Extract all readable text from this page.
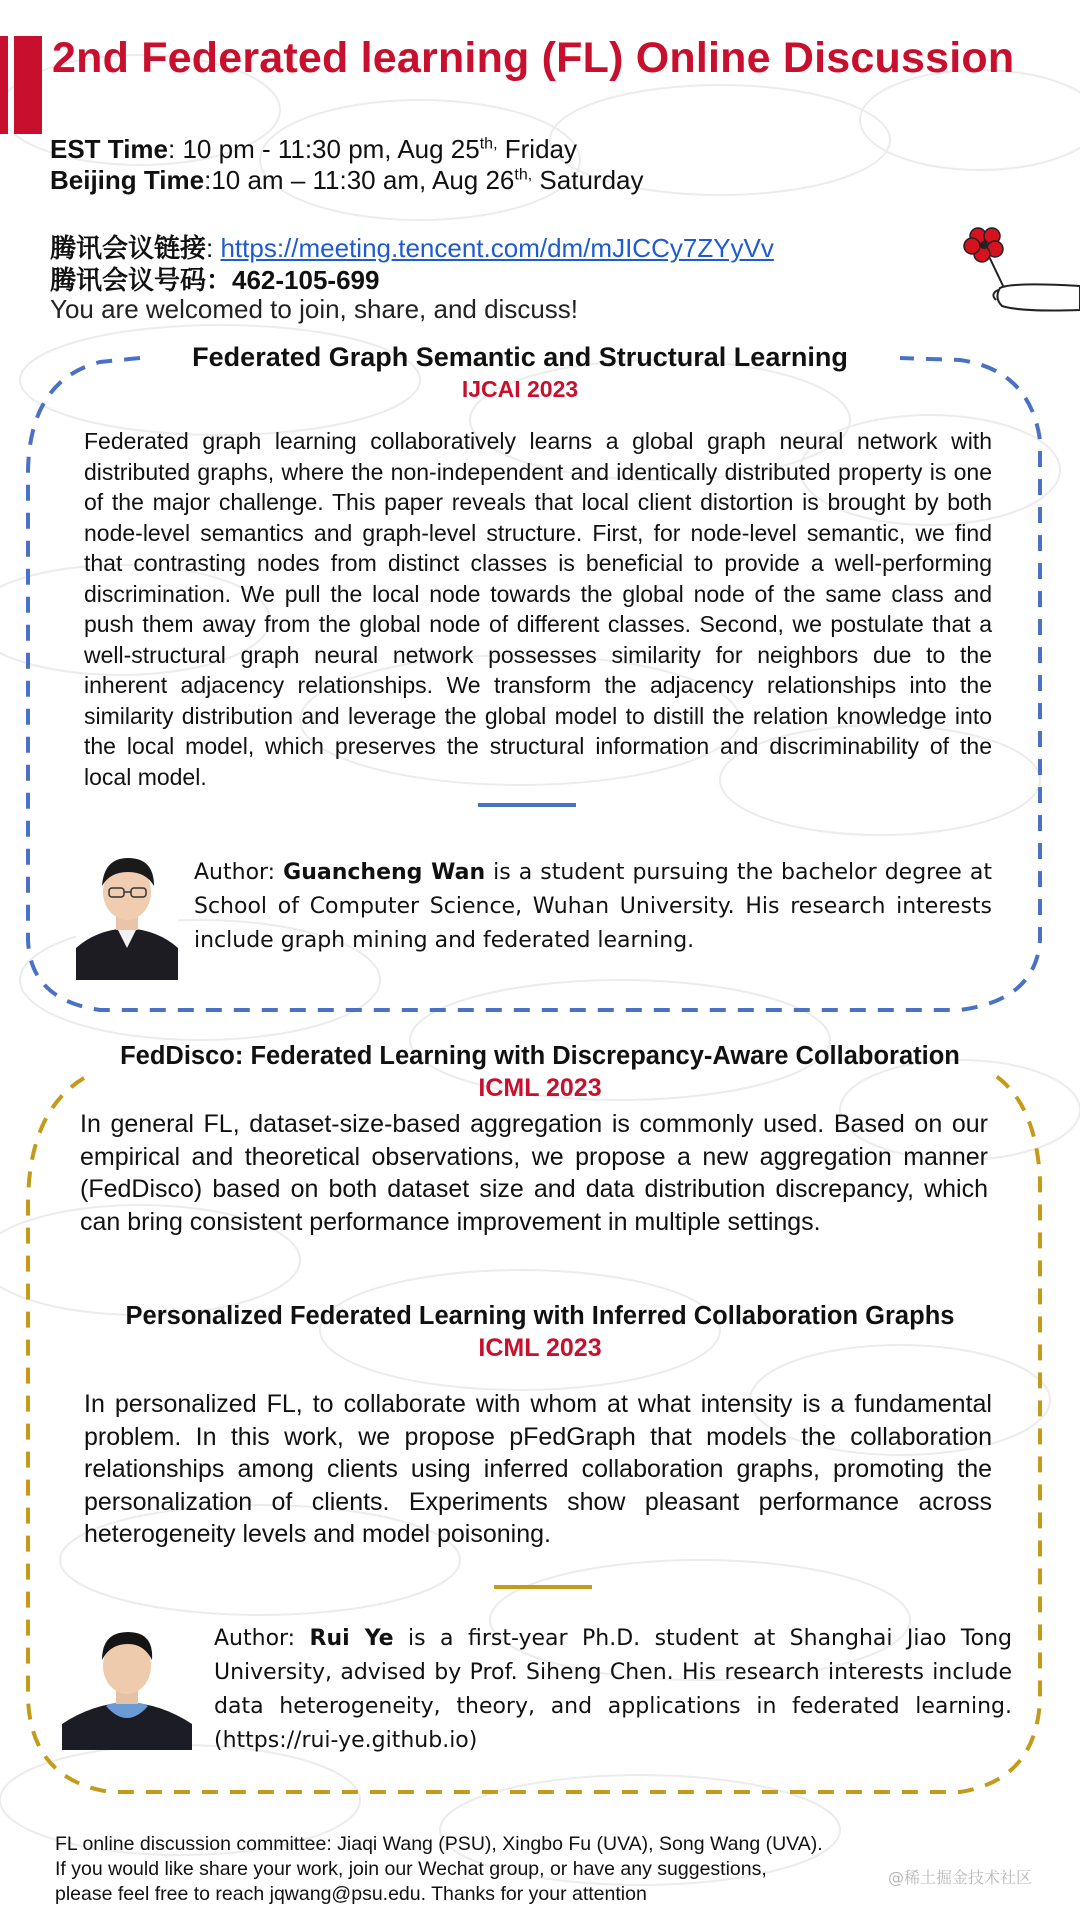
2nd Federated learning (FL) Online Discussion
EST Time: 10 pm - 11:30 pm, Aug $25^{th,}$ Friday
Beijing Time:10 am – 11:30 am, Aug $26^{th,}$ Saturday
腾讯会议链接: https://meeting.tencent.com/dm/mJICCy7ZYyVv
腾讯会议号码：462-105-699
You are welcomed to join, share, and discuss!
Federated Graph Semantic and Structural Learning
IJCAI 2023
Federated graph learning collaboratively learns a global graph neural network with distributed graphs, where the non-independent and identically distributed property is one of the major challenge. This paper reveals that local client distortion is brought by both node-level semantics and graph-level structure. First, for node-level semantic, we find that contrasting nodes from distinct classes is beneficial to provide a well-performing discrimination. We pull the local node towards the global node of the same class and push them away from the global node of different classes. Second, we postulate that a well-structural graph neural network possesses similarity for neighbors due to the inherent adjacency relationships. We transform the adjacency relationships into the similarity distribution and leverage the global model to distill the relation knowledge into the local model, which preserves the structural information and discriminability of the local model.
Author: Guancheng Wan is a student pursuing the bachelor degree at School of Computer Science, Wuhan University. His research interests include graph mining and federated learning.
FedDisco: Federated Learning with Discrepancy-Aware Collaboration
ICML 2023
In general FL, dataset-size-based aggregation is commonly used. Based on our empirical and theoretical observations, we propose a new aggregation manner (FedDisco) based on both dataset size and data distribution discrepancy, which can bring consistent performance improvement in multiple settings.
Personalized Federated Learning with Inferred Collaboration Graphs
ICML 2023
In personalized FL, to collaborate with whom at what intensity is a fundamental problem. In this work, we propose pFedGraph that models the collaboration relationships among clients using inferred collaboration graphs, promoting the personalization of clients. Experiments show pleasant performance across heterogeneity levels and model poisoning.
Author: Rui Ye is a first-year Ph.D. student at Shanghai Jiao Tong University, advised by Prof. Siheng Chen. His research interests include data heterogeneity, theory, and applications in federated learning. (https://rui-ye.github.io)
FL online discussion committee: Jiaqi Wang (PSU), Xingbo Fu (UVA), Song Wang (UVA).
If you would like share your work, join our Wechat group, or have any suggestions,
please feel free to reach jqwang@psu.edu. Thanks for your attention
@稀土掘金技术社区
